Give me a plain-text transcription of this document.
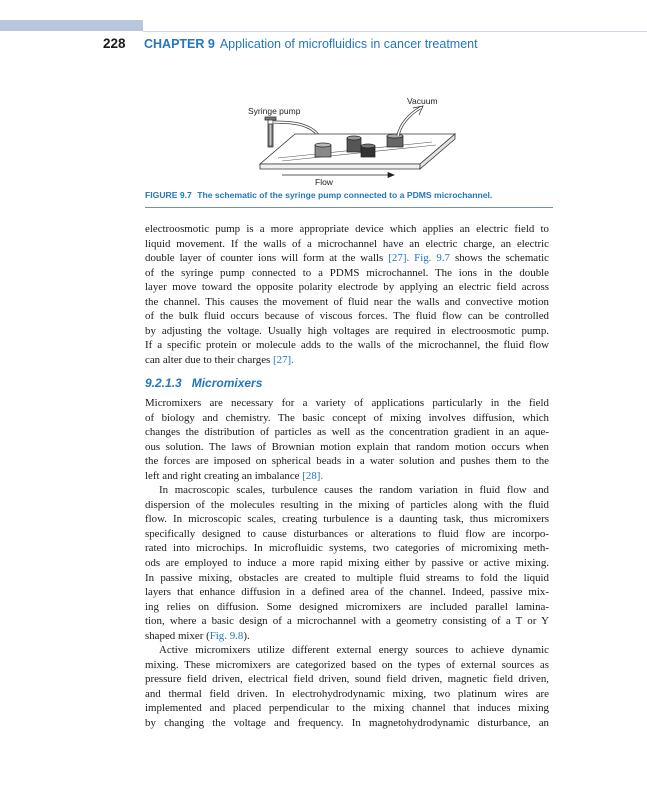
228	CHAPTER 9 Application of microfluidics in cancer treatment
Syringe pump
Vacuum
Flow
FIGURE 9.7 The schematic of the syringe pump connected to a PDMS microchannel.

electroosmotic pump is a more appropriate device which applies an electric field to

liquid movement. If the walls of a microchannel have an electric charge, an electric

double layer of counter ions will form at the walls [27]. Fig. 9.7 shows the schematic

of the syringe pump connected to a PDMS microchannel. The ions in the double

layer move toward the opposite polarity electrode by applying an electric field across

the channel. This causes the movement of fluid near the walls and convective motion

of the bulk fluid occurs because of viscous forces. The fluid flow can be controlled

by adjusting the voltage. Usually high voltages are required in electroosmotic pump.

If a specific protein or molecule adds to the walls of the microchannel, the fluid flow

can alter due to their charges [27].

9.2.1.3 Micromixers

Micromixers are necessary for a variety of applications particularly in the field

of biology and chemistry. The basic concept of mixing involves diffusion, which

changes the distribution of particles as well as the concentration gradient in an aque-

ous solution. The laws of Brownian motion explain that random motion occurs when

the forces are imposed on spherical beads in a water solution and pushes them to the

left and right creating an imbalance [28].

In macroscopic scales, turbulence causes the random variation in fluid flow and

dispersion of the molecules resulting in the mixing of particles along with the fluid

flow. In microscopic scales, creating turbulence is a daunting task, thus micromixers

specifically designed to cause disturbances or alterations to fluid flow are incorpo-

rated into microchips. In microfluidic systems, two categories of micromixing meth-

ods are employed to induce a more rapid mixing either by passive or active mixing.

In passive mixing, obstacles are created to multiple fluid streams to fold the liquid

layers that enhance diffusion in a defined area of the channel. Indeed, passive mix-

ing relies on diffusion. Some designed micromixers are included parallel lamina-

tion, where a basic design of a microchannel with a geometry consisting of a T or Y

shaped mixer (Fig. 9.8).

Active micromixers utilize different external energy sources to achieve dynamic

mixing. These micromixers are categorized based on the types of external sources as

pressure field driven, electrical field driven, sound field driven, magnetic field driven,

and thermal field driven. In electrohydrodynamic mixing, two platinum wires are

implemented and placed perpendicular to the mixing channel that induces mixing

by changing the voltage and frequency. In magnetohydrodynamic disturbance, an
